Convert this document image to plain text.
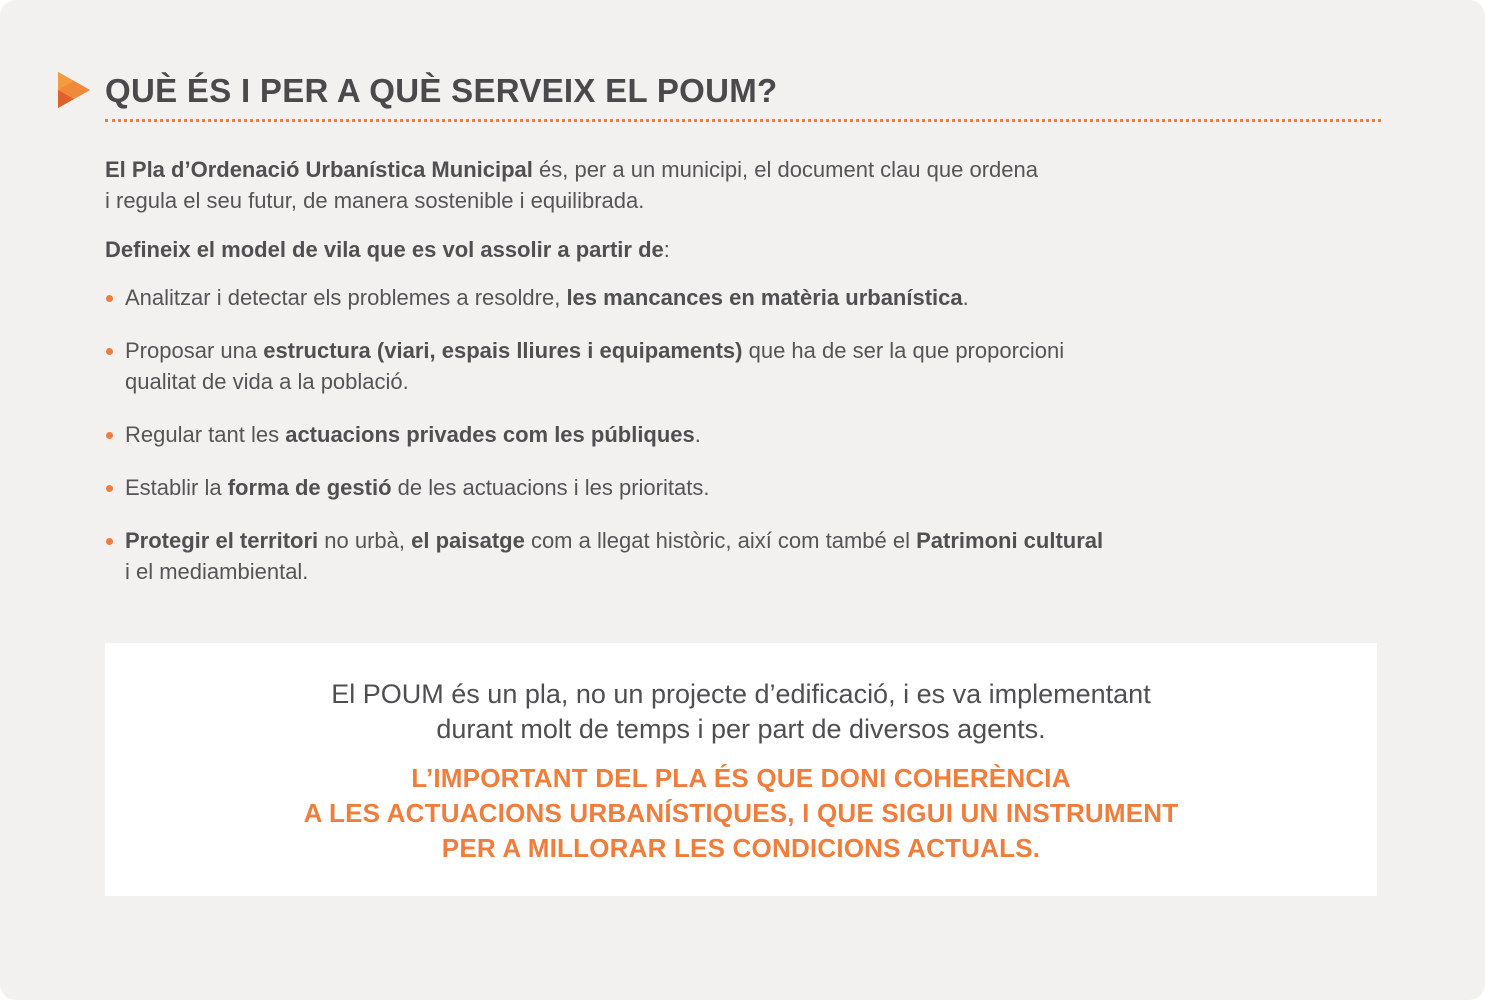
QUÈ ÉS I PER A QUÈ SERVEIX EL POUM?

El Pla d’Ordenació Urbanística Municipal és, per a un municipi, el document clau que ordena
i regula el seu futur, de manera sostenible i equilibrada.

Defineix el model de vila que es vol assolir a partir de:

Analitzar i detectar els problemes a resoldre, les mancances en matèria urbanística.
Proposar una estructura (viari, espais lliures i equipaments) que ha de ser la que proporcioni
qualitat de vida a la població.
Regular tant les actuacions privades com les públiques.
Establir la forma de gestió de les actuacions i les prioritats.
Protegir el territori no urbà, el paisatge com a llegat històric, així com també el Patrimoni cultural
i el mediambiental.

El POUM és un pla, no un projecte d’edificació, i es va implementant
durant molt de temps i per part de diversos agents.

L’IMPORTANT DEL PLA ÉS QUE DONI COHERÈNCIA
A LES ACTUACIONS URBANÍSTIQUES, I QUE SIGUI UN INSTRUMENT
PER A MILLORAR LES CONDICIONS ACTUALS.
